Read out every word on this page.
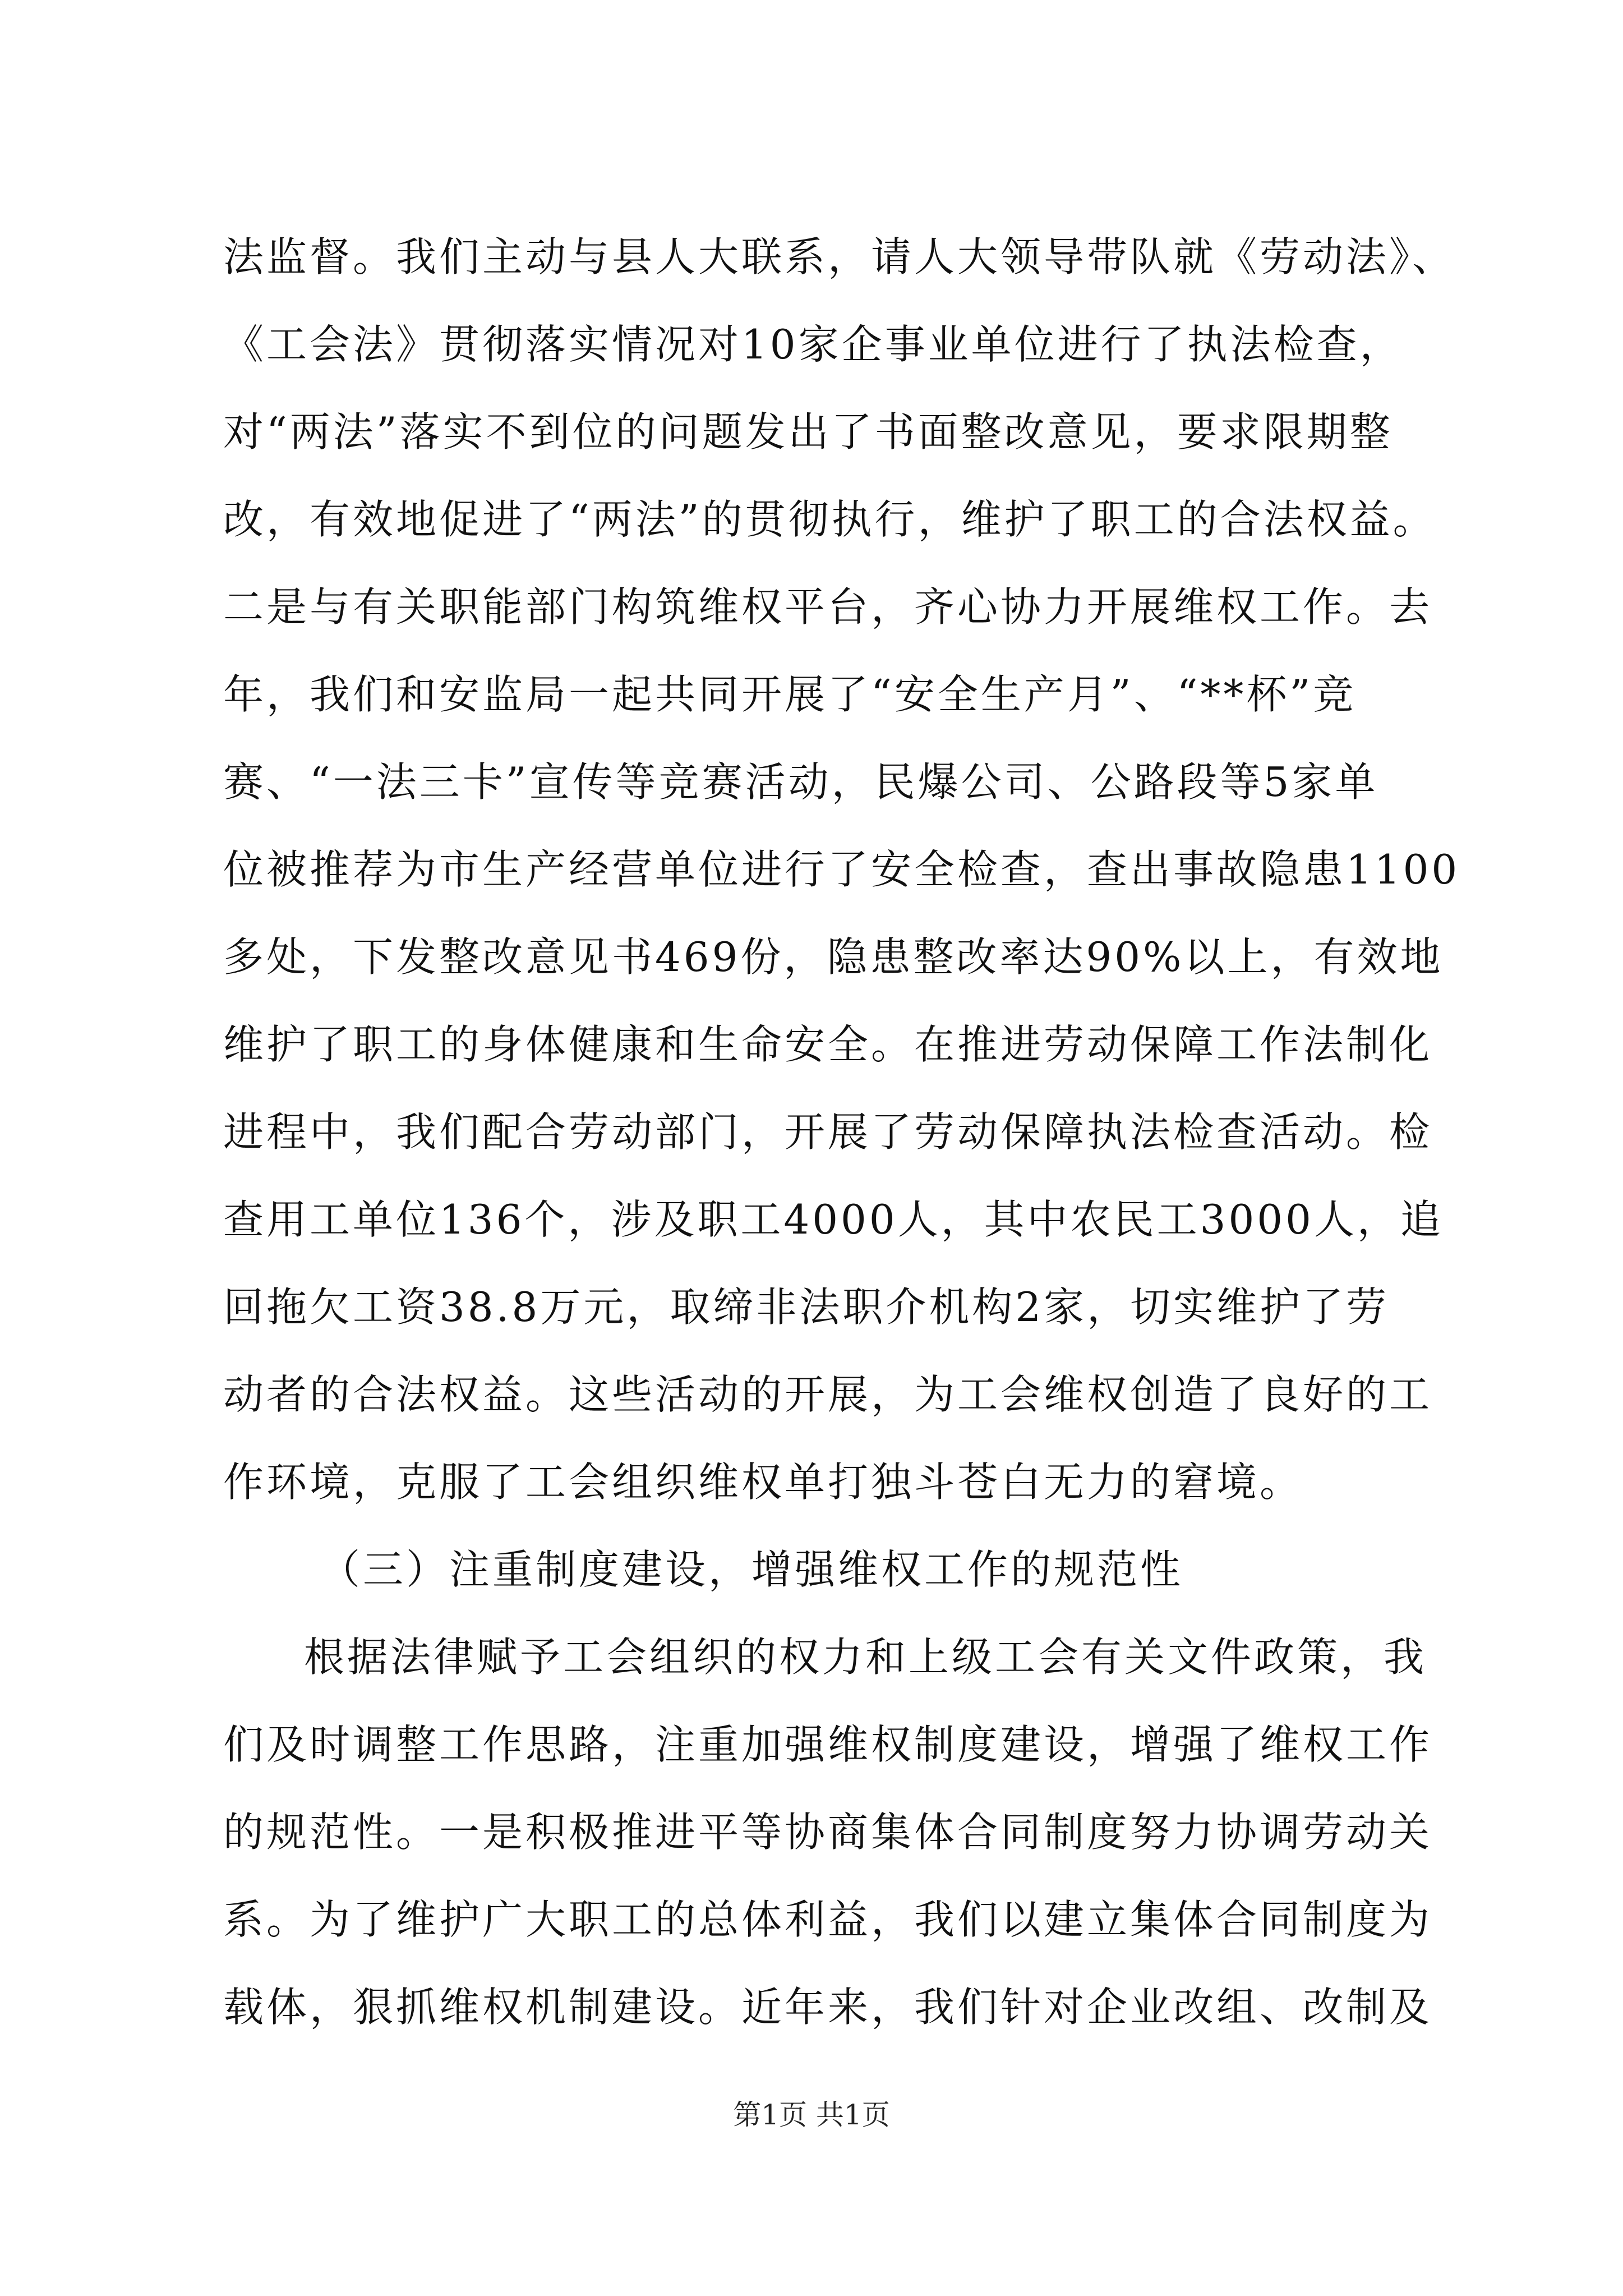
法监督。我们主动与县人大联系，请人大领导带队就《劳动法》、
《工会法》贯彻落实情况对10家企事业单位进行了执法检查，
对“两法”落实不到位的问题发出了书面整改意见，要求限期整
改，有效地促进了“两法”的贯彻执行，维护了职工的合法权益。
二是与有关职能部门构筑维权平台，齐心协力开展维权工作。去
年，我们和安监局一起共同开展了“安全生产月”、“**杯”竞
赛、“一法三卡”宣传等竞赛活动，民爆公司、公路段等5家单
位被推荐为市生产经营单位进行了安全检查，查出事故隐患1100
多处，下发整改意见书469份，隐患整改率达90%以上，有效地
维护了职工的身体健康和生命安全。在推进劳动保障工作法制化
进程中，我们配合劳动部门，开展了劳动保障执法检查活动。检
查用工单位136个，涉及职工4000人，其中农民工3000人，追
回拖欠工资38.8万元，取缔非法职介机构2家，切实维护了劳
动者的合法权益。这些活动的开展，为工会维权创造了良好的工
作环境，克服了工会组织维权单打独斗苍白无力的窘境。
（三）注重制度建设，增强维权工作的规范性
根据法律赋予工会组织的权力和上级工会有关文件政策，我
们及时调整工作思路，注重加强维权制度建设，增强了维权工作
的规范性。一是积极推进平等协商集体合同制度努力协调劳动关
系。为了维护广大职工的总体利益，我们以建立集体合同制度为
载体，狠抓维权机制建设。近年来，我们针对企业改组、改制及
第1页 共1页
